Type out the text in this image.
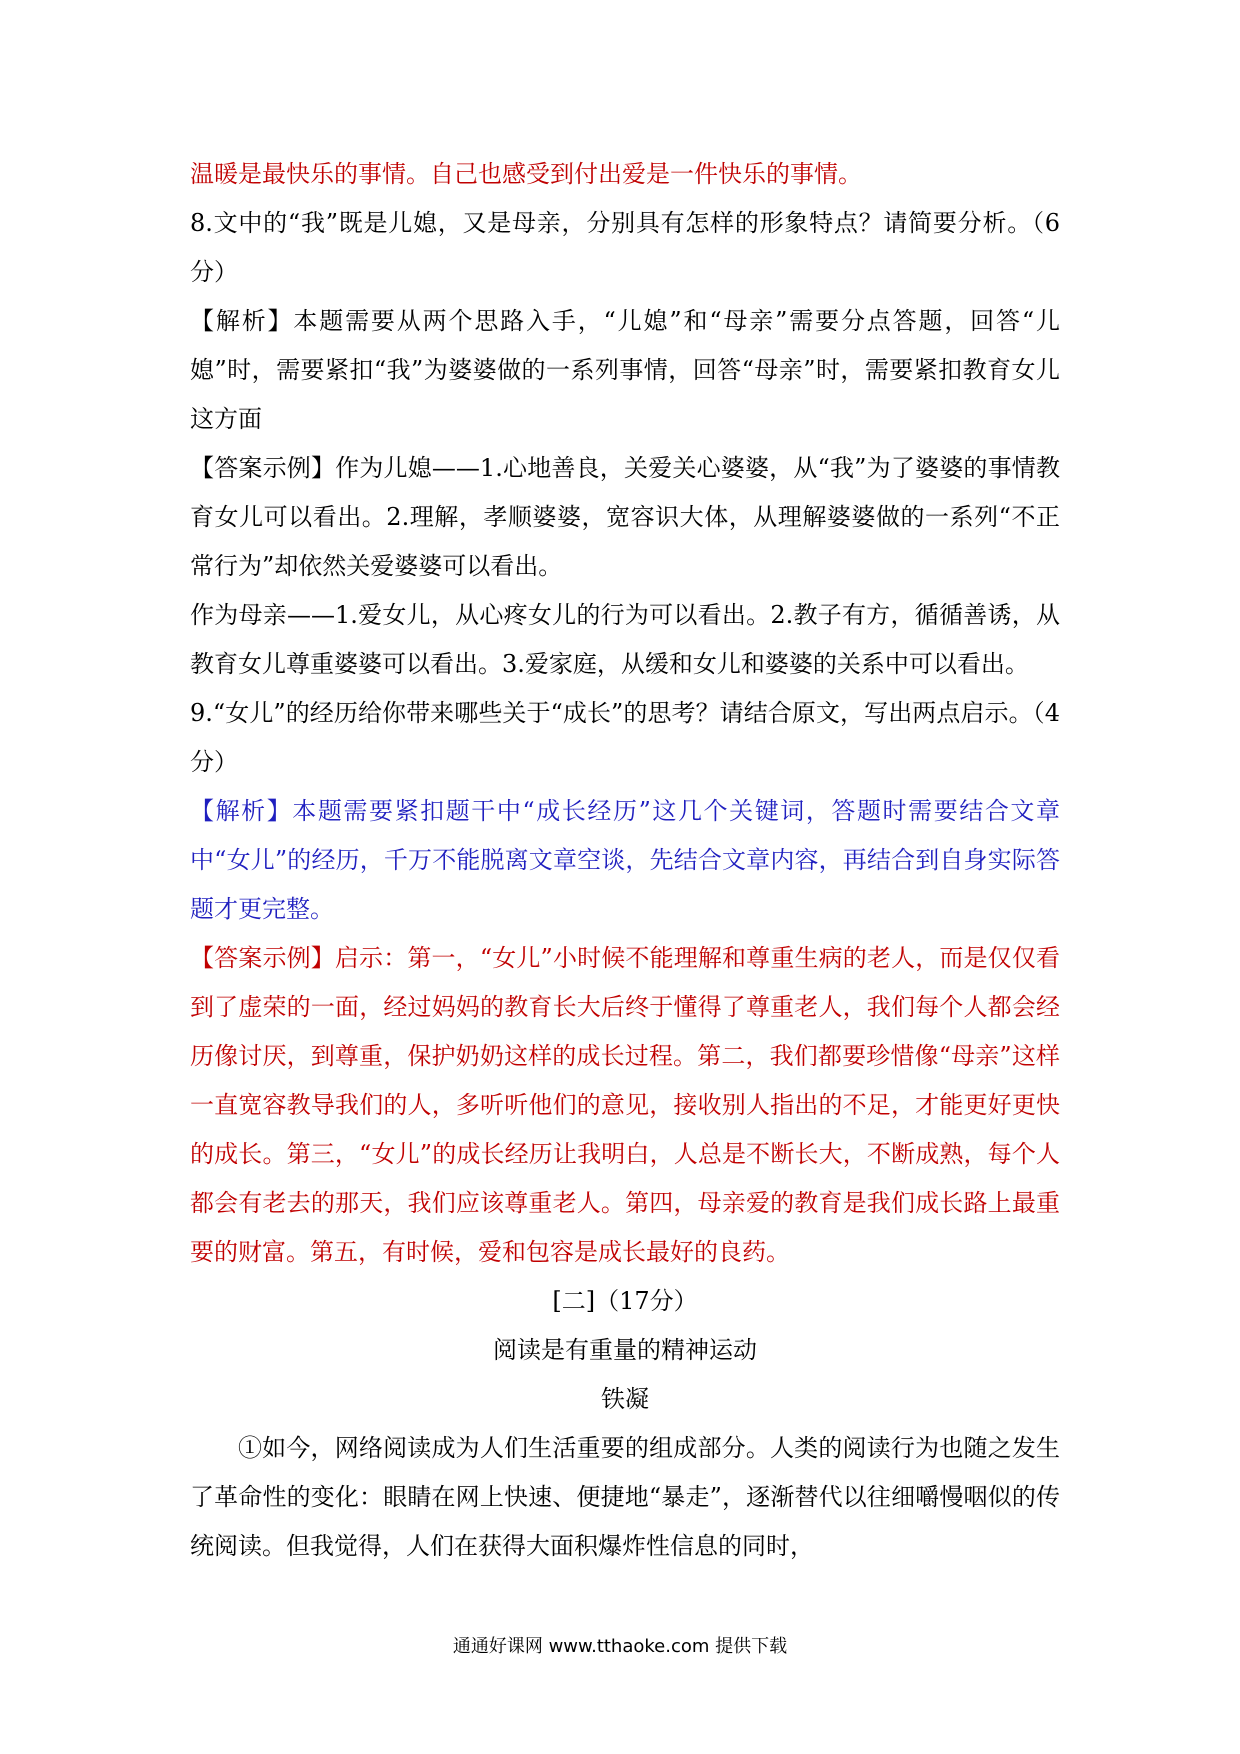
温暖是最快乐的事情。自己也感受到付出爱是一件快乐的事情。

8.文中的“我”既是儿媳，又是母亲，分别具有怎样的形象特点？请简要分析。（6分）

【解析】本题需要从两个思路入手，“儿媳”和“母亲”需要分点答题，回答“儿媳”时，需要紧扣“我”为婆婆做的一系列事情，回答“母亲”时，需要紧扣教育女儿这方面

【答案示例】作为儿媳——1.心地善良，关爱关心婆婆，从“我”为了婆婆的事情教育女儿可以看出。2.理解，孝顺婆婆，宽容识大体，从理解婆婆做的一系列“不正常行为”却依然关爱婆婆可以看出。

作为母亲——1.爱女儿，从心疼女儿的行为可以看出。2.教子有方，循循善诱，从教育女儿尊重婆婆可以看出。3.爱家庭，从缓和女儿和婆婆的关系中可以看出。

9.“女儿”的经历给你带来哪些关于“成长”的思考？请结合原文，写出两点启示。（4分）

【解析】本题需要紧扣题干中“成长经历”这几个关键词，答题时需要结合文章中“女儿”的经历，千万不能脱离文章空谈，先结合文章内容，再结合到自身实际答题才更完整。

【答案示例】启示：第一，“女儿”小时候不能理解和尊重生病的老人，而是仅仅看到了虚荣的一面，经过妈妈的教育长大后终于懂得了尊重老人，我们每个人都会经历像讨厌，到尊重，保护奶奶这样的成长过程。第二，我们都要珍惜像“母亲”这样一直宽容教导我们的人，多听听他们的意见，接收别人指出的不足，才能更好更快的成长。第三，“女儿”的成长经历让我明白，人总是不断长大，不断成熟，每个人都会有老去的那天，我们应该尊重老人。第四，母亲爱的教育是我们成长路上最重要的财富。第五，有时候，爱和包容是成长最好的良药。

[二]（17分）

阅读是有重量的精神运动

铁凝

①如今，网络阅读成为人们生活重要的组成部分。人类的阅读行为也随之发生了革命性的变化：眼睛在网上快速、便捷地“暴走”，逐渐替代以往细嚼慢咽似的传统阅读。但我觉得，人们在获得大面积爆炸性信息的同时，

通通好课网 www.tthaoke.com 提供下载
